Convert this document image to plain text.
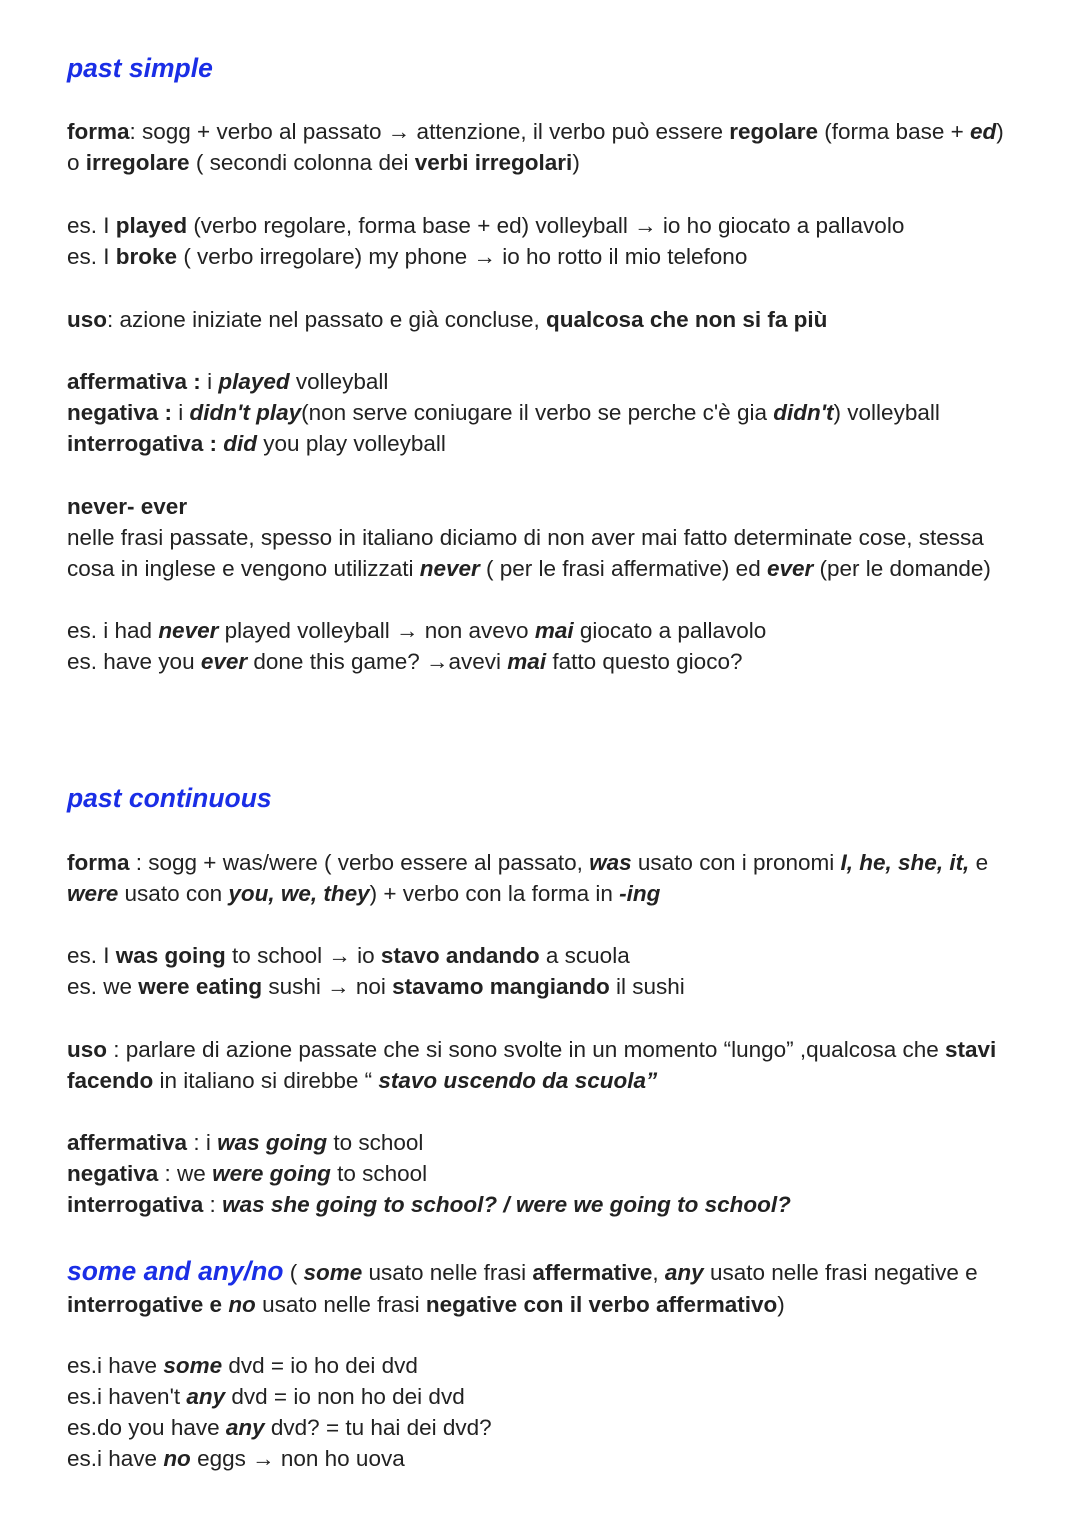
past simple
forma: sogg + verbo al passato → attenzione, il verbo può essere regolare (forma base + ed)
o irregolare ( secondi colonna dei verbi irregolari)
es. I played (verbo regolare, forma base + ed) volleyball → io ho giocato a pallavolo
es. I broke ( verbo irregolare) my phone → io ho rotto il mio telefono
uso: azione iniziate nel passato e già concluse, qualcosa che non si fa più
affermativa : i played volleyball
negativa : i didn't play(non serve coniugare il verbo se perche c'è gia didn't) volleyball
interrogativa : did you play volleyball
never- ever
nelle frasi passate, spesso in italiano diciamo di non aver mai fatto determinate cose, stessa
cosa in inglese e vengono utilizzati never ( per le frasi affermative) ed ever (per le domande)
es. i had never played volleyball → non avevo mai giocato a pallavolo
es. have you ever done this game? →avevi mai fatto questo gioco?
past continuous
forma : sogg + was/were ( verbo essere al passato, was usato con i pronomi I, he, she, it, e
were usato con you, we, they) + verbo con la forma in -ing
es. I was going to school → io stavo andando a scuola
es. we were eating sushi → noi stavamo mangiando il sushi
uso : parlare di azione passate che si sono svolte in un momento “lungo” ,qualcosa che stavi
facendo in italiano si direbbe “ stavo uscendo da scuola”
affermativa : i was going to school
negativa : we were going to school
interrogativa : was she going to school? / were we going to school?
some and any/no ( some usato nelle frasi affermative, any usato nelle frasi negative e
interrogative e no usato nelle frasi negative con il verbo affermativo)
es.i have some dvd = io ho dei dvd
es.i haven't any dvd = io non ho dei dvd
es.do you have any dvd? = tu hai dei dvd?
es.i have no eggs → non ho uova
